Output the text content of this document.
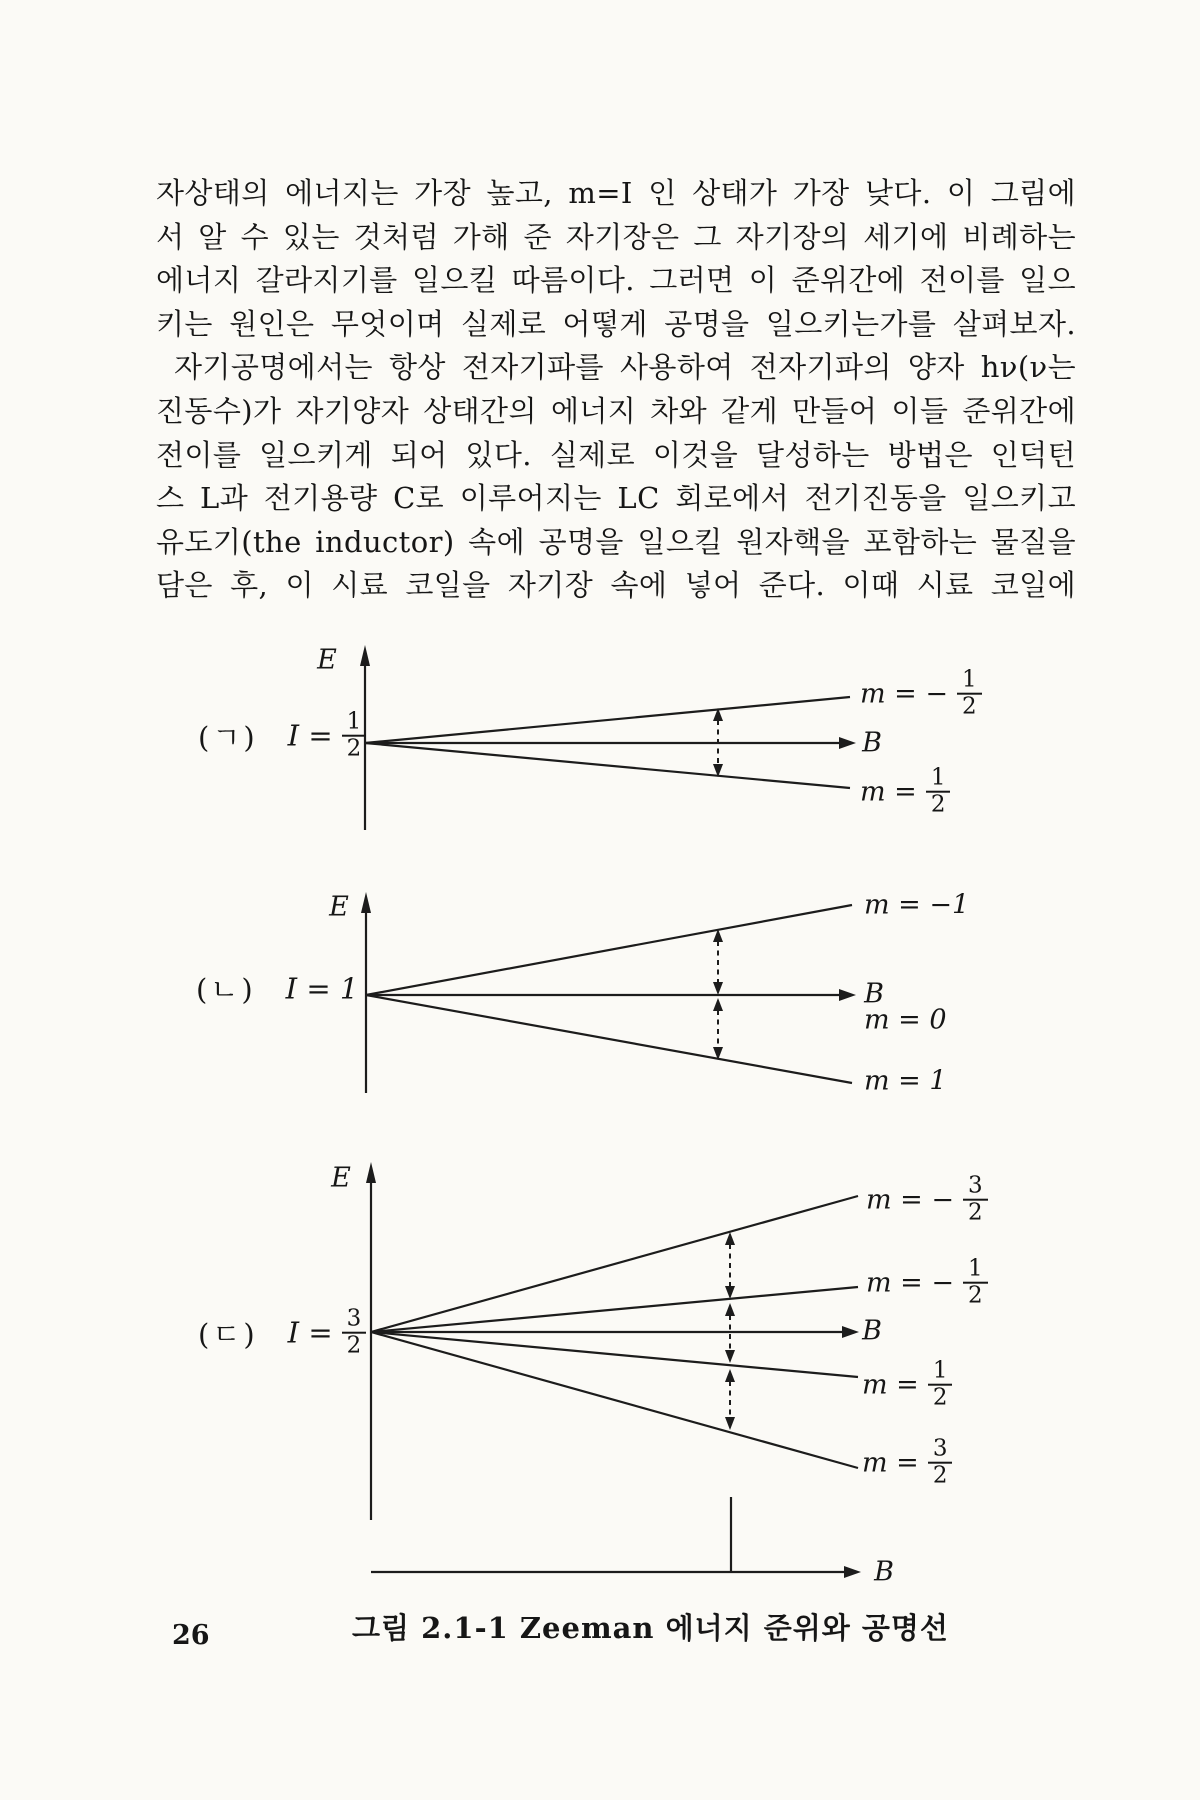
자상태의 에너지는 가장 높고, m=I 인 상태가 가장 낮다. 이 그림에
서 알 수 있는 것처럼 가해 준 자기장은 그 자기장의 세기에 비례하는
에너지 갈라지기를 일으킬 따름이다. 그러면 이 준위간에 전이를 일으
키는 원인은 무엇이며 실제로 어떻게 공명을 일으키는가를 살펴보자.
자기공명에서는 항상 전자기파를 사용하여 전자기파의 양자 hν(ν는
진동수)가 자기양자 상태간의 에너지 차와 같게 만들어 이들 준위간에
전이를 일으키게 되어 있다. 실제로 이것을 달성하는 방법은 인덕턴
스 L과 전기용량 C로 이루어지는 LC 회로에서 전기진동을 일으키고
유도기(the inductor) 속에 공명을 일으킬 원자핵을 포함하는 물질을
담은 후, 이 시료 코일을 자기장 속에 넣어 준다. 이때 시료 코일에
E
(ㄱ) $I = \frac{1}{2}$
m = − $\frac{1}{2}$
B
$m = \frac{1}{2}$
E
(ㄴ) I = 1
m = −1
B
m = 0
m = 1
E
(ㄷ) $I = \frac{3}{2}$
m = − $\frac{3}{2}$
m = − $\frac{1}{2}$
B
$m = \frac{1}{2}$
$m = \frac{3}{2}$
B
그림 2.1-1 Zeeman 에너지 준위와 공명선
26
